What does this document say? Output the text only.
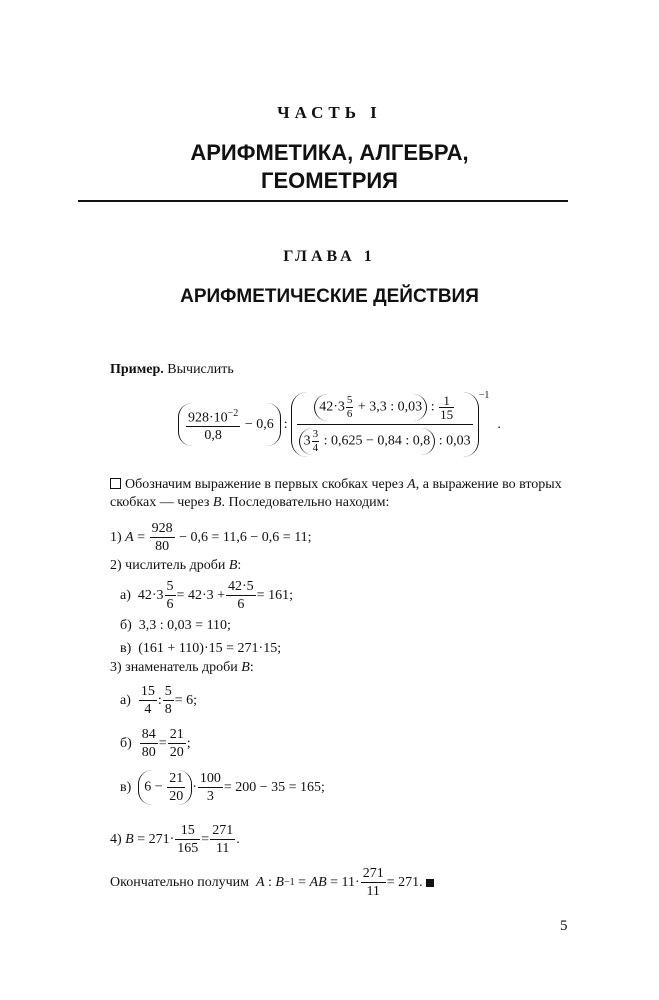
ЧАСТЬ I
АРИФМЕТИКА, АЛГЕБРА,
ГЕОМЕТРИЯ
ГЛАВА 1
АРИФМЕТИЧЕСКИЕ ДЕЙСТВИЯ
Пример. Вычислить
$\frac{928\cdot 10^{-2}}{0,8} - 0,6$ : $\frac{42\cdot 3 \frac{5}{6} + 3,3 : 0,03 : \frac{1}{15}}{3 \frac{3}{4} : 0,625 - 0,84 : 0,8 : 0,03} ^{-1}$
.
Обозначим выражение в первых скобках через A, а выражение во вторых
скобках — через B. Последовательно находим:
1) $A = \frac{928}{80} - 0,6 = 11,6 - 0,6 = 11$;
2) числитель дроби B:
а)  $42\cdot 3 \frac{5}{6} = 42\cdot 3 + \frac{42\cdot 5}{6} = 161$;
б)  3,3 : 0,03 = 110;
в)  (161 + 110)·15 = 271·15;
3) знаменатель дроби B:
$а) \frac{15}{4}$ : $\frac{5}{8} = 6$;
$б) \frac{84}{80} = \frac{21}{20}$ ;
в) $6 - \frac{21}{20} \cdot \frac{100}{3} = 200 - 35 = 165$;
4) $B = 271\cdot \frac{15}{165} = \frac{271}{11}$ .
Окончательно получим
A : B −1 = AB = $11\cdot \frac{271}{11} = 271$.
5
